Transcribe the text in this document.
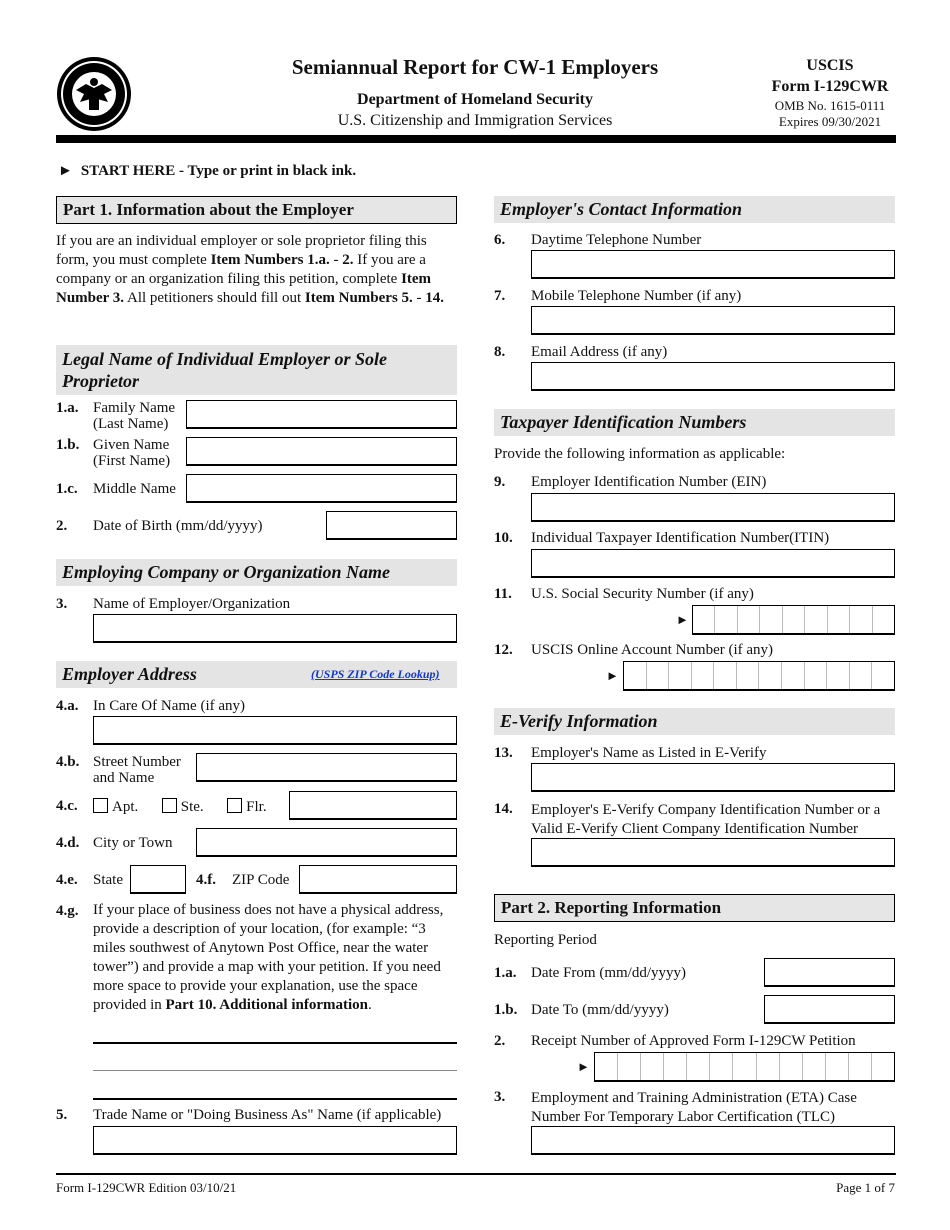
Semiannual Report for CW-1 Employers
Department of Homeland Security
U.S. Citizenship and Immigration Services
USCIS
Form I-129CWR
OMB No. 1615-0111
Expires 09/30/2021
► START HERE - Type or print in black ink.
Part 1. Information about the Employer
If you are an individual employer or sole proprietor filing this form, you must complete Item Numbers 1.a. - 2. If you are a company or an organization filing this petition, complete Item Number 3. All petitioners should fill out Item Numbers 5. - 14.
Legal Name of Individual Employer or Sole Proprietor
1.a. Family Name
(Last Name)
1.b. Given Name
(First Name)
1.c. Middle Name
2. Date of Birth (mm/dd/yyyy)
Employing Company or Organization Name
3. Name of Employer/Organization
Employer Address	(USPS ZIP Code Lookup)
4.a. In Care Of Name (if any)
4.b. Street Number
and Name
4.c.	Apt.	Ste.	Flr.
4.d. City or Town
4.e. State	4.f. ZIP Code
4.g. If your place of business does not have a physical address, provide a description of your location, (for example: “3 miles southwest of Anytown Post Office, near the water tower”) and provide a map with your petition. If you need more space to provide your explanation, use the space provided in Part 10. Additional information.
5. Trade Name or "Doing Business As" Name (if applicable)
Employer's Contact Information
6. Daytime Telephone Number
7. Mobile Telephone Number (if any)
8. Email Address (if any)
Taxpayer Identification Numbers
Provide the following information as applicable:
9. Employer Identification Number (EIN)
10. Individual Taxpayer Identification Number(ITIN)
11. U.S. Social Security Number (if any)
►
12. USCIS Online Account Number (if any)
►
E-Verify Information
13. Employer's Name as Listed in E-Verify
14. Employer's E-Verify Company Identification Number or a Valid E-Verify Client Company Identification Number
Part 2. Reporting Information
Reporting Period
1.a. Date From (mm/dd/yyyy)
1.b. Date To (mm/dd/yyyy)
2. Receipt Number of Approved Form I-129CW Petition
►
3. Employment and Training Administration (ETA) Case Number For Temporary Labor Certification (TLC)
Form I-129CWR Edition 03/10/21	Page 1 of 7
